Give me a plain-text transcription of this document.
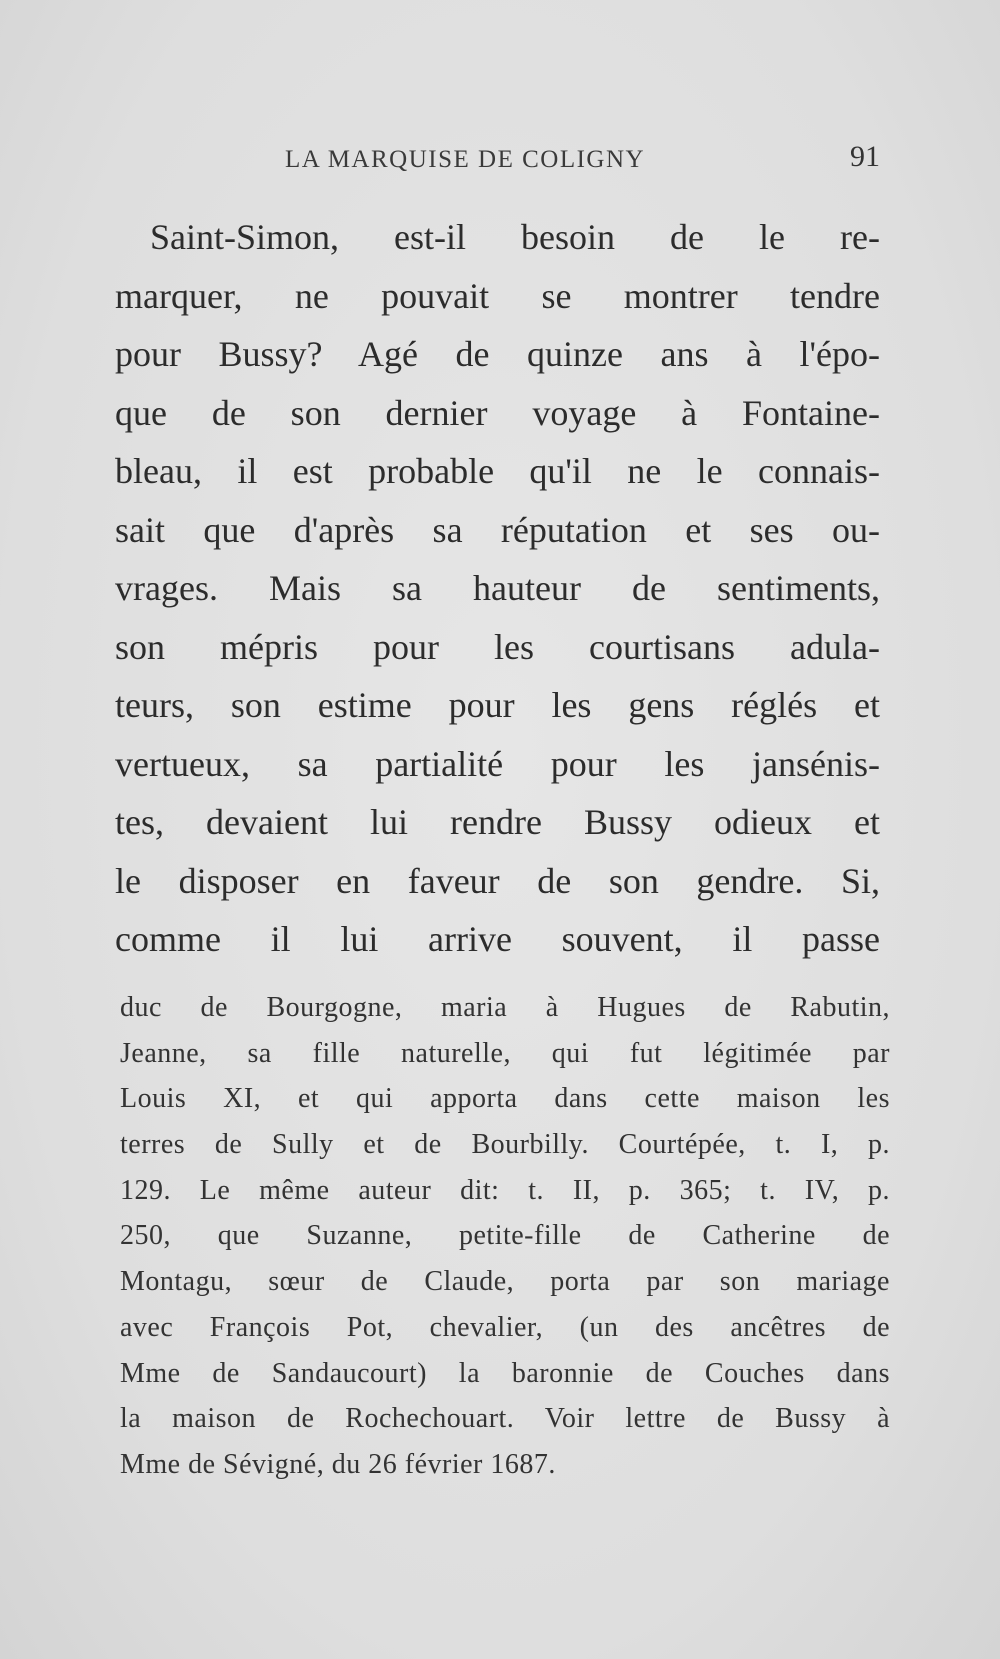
LA MARQUISE DE COLIGNY	91
Saint-Simon, est-il besoin de le re-
marquer, ne pouvait se montrer tendre
pour Bussy? Agé de quinze ans à l'épo-
que de son dernier voyage à Fontaine-
bleau, il est probable qu'il ne le connais-
sait que d'après sa réputation et ses ou-
vrages. Mais sa hauteur de sentiments,
son mépris pour les courtisans adula-
teurs, son estime pour les gens réglés et
vertueux, sa partialité pour les jansénis-
tes, devaient lui rendre Bussy odieux et
le disposer en faveur de son gendre. Si,
comme il lui arrive souvent, il passe
duc de Bourgogne, maria à Hugues de Rabutin,
Jeanne, sa fille naturelle, qui fut légitimée par
Louis XI, et qui apporta dans cette maison les
terres de Sully et de Bourbilly. Courtépée, t. I, p.
129. Le même auteur dit: t. II, p. 365; t. IV, p.
250, que Suzanne, petite-fille de Catherine de
Montagu, sœur de Claude, porta par son mariage
avec François Pot, chevalier, (un des ancêtres de
Mme de Sandaucourt) la baronnie de Couches dans
la maison de Rochechouart. Voir lettre de Bussy à
Mme de Sévigné, du 26 février 1687.
